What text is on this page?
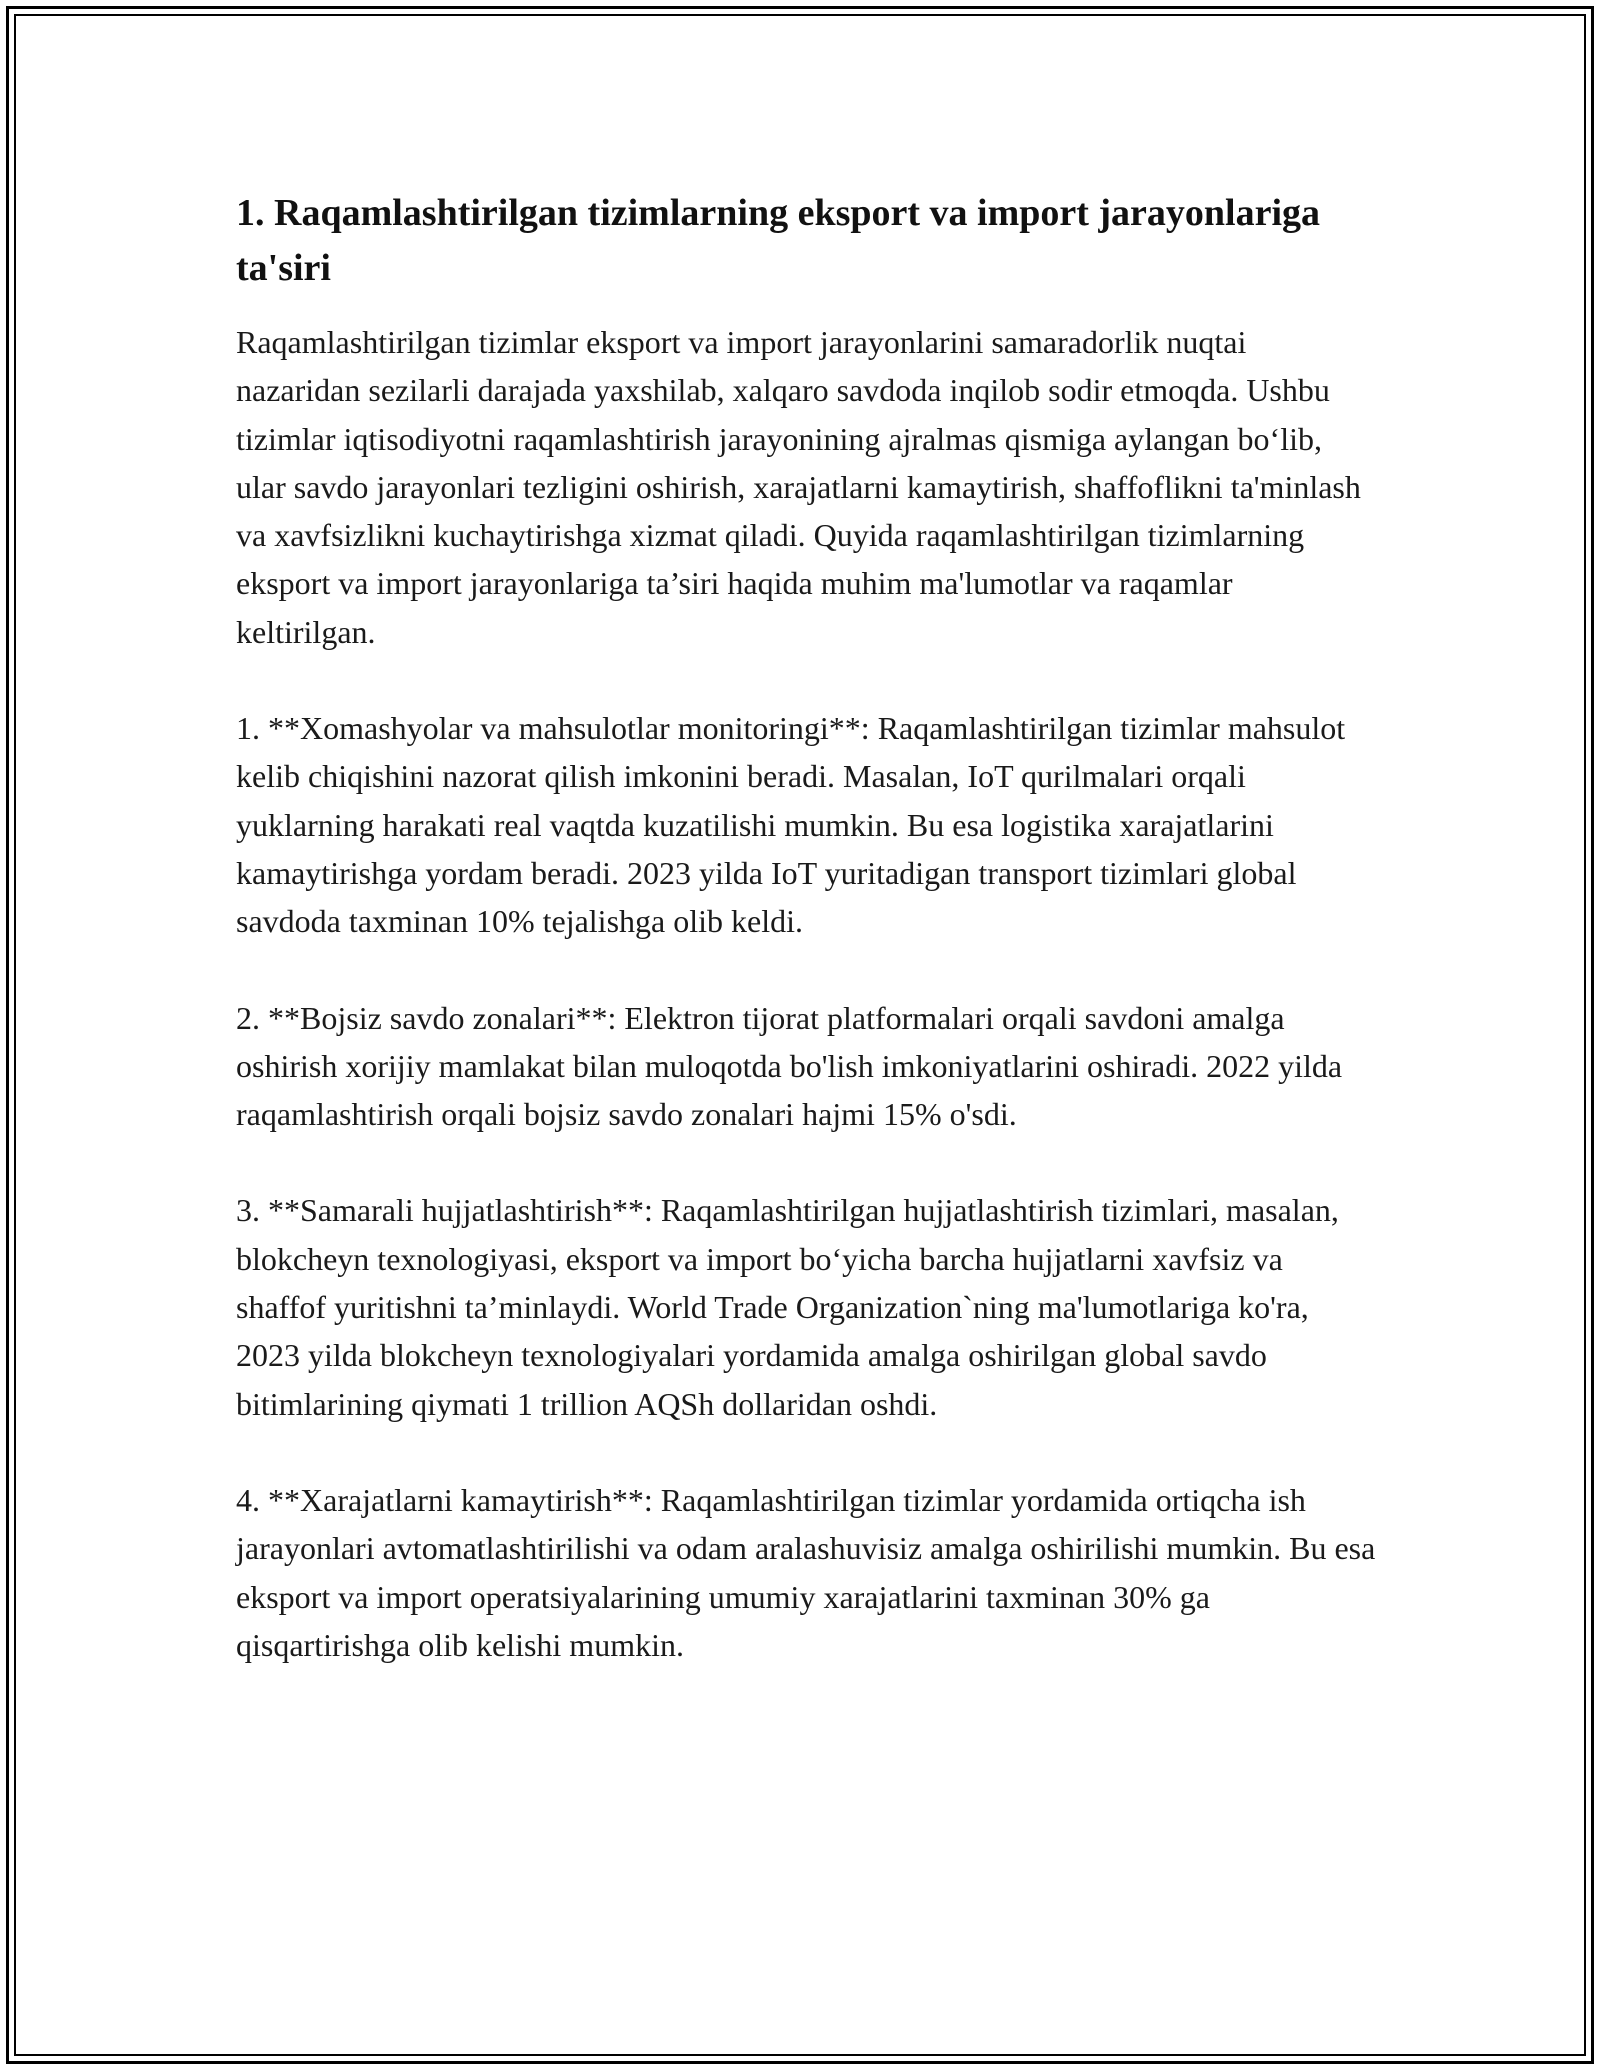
1. Raqamlashtirilgan tizimlarning eksport va import jarayonlariga ta'siri

Raqamlashtirilgan tizimlar eksport va import jarayonlarini samaradorlik nuqtai nazaridan sezilarli darajada yaxshilab, xalqaro savdoda inqilob sodir etmoqda. Ushbu tizimlar iqtisodiyotni raqamlashtirish jarayonining ajralmas qismiga aylangan bo‘lib, ular savdo jarayonlari tezligini oshirish, xarajatlarni kamaytirish, shaffoflikni ta'minlash va xavfsizlikni kuchaytirishga xizmat qiladi. Quyida raqamlashtirilgan tizimlarning eksport va import jarayonlariga ta’siri haqida muhim ma'lumotlar va raqamlar keltirilgan.

1. **Xomashyolar va mahsulotlar monitoringi**: Raqamlashtirilgan tizimlar mahsulot kelib chiqishini nazorat qilish imkonini beradi. Masalan, IoT qurilmalari orqali yuklarning harakati real vaqtda kuzatilishi mumkin. Bu esa logistika xarajatlarini kamaytirishga yordam beradi. 2023 yilda IoT yuritadigan transport tizimlari global savdoda taxminan 10% tejalishga olib keldi.

2. **Bojsiz savdo zonalari**: Elektron tijorat platformalari orqali savdoni amalga oshirish xorijiy mamlakat bilan muloqotda bo'lish imkoniyatlarini oshiradi. 2022 yilda raqamlashtirish orqali bojsiz savdo zonalari hajmi 15% o'sdi.

3. **Samarali hujjatlashtirish**: Raqamlashtirilgan hujjatlashtirish tizimlari, masalan, blokcheyn texnologiyasi, eksport va import bo‘yicha barcha hujjatlarni xavfsiz va shaffof yuritishni ta’minlaydi. World Trade Organization`ning ma'lumotlariga ko'ra, 2023 yilda blokcheyn texnologiyalari yordamida amalga oshirilgan global savdo bitimlarining qiymati 1 trillion AQSh dollaridan oshdi.

4. **Xarajatlarni kamaytirish**: Raqamlashtirilgan tizimlar yordamida ortiqcha ish jarayonlari avtomatlashtirilishi va odam aralashuvisiz amalga oshirilishi mumkin. Bu esa eksport va import operatsiyalarining umumiy xarajatlarini taxminan 30% ga qisqartirishga olib kelishi mumkin.
